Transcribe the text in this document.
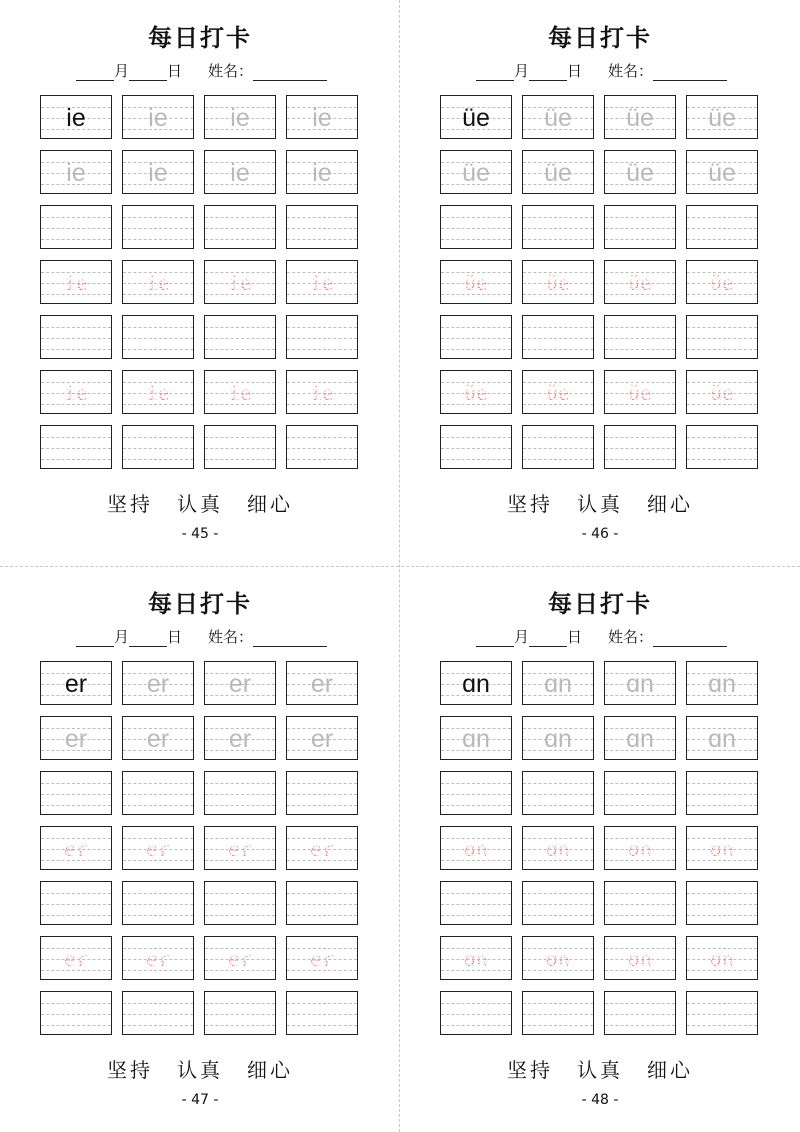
每日打卡
月	日 姓名：
ie	ie	ie	ie
ie	ie	ie	ie
ie	ie	ie	ie
ie	ie	ie	ie
坚持 认真 细心
- 45 -
每日打卡
月	日 姓名：
üe	üe	üe	üe
üe	üe	üe	üe
üe	üe	üe	üe
üe	üe	üe	üe
坚持 认真 细心
- 46 -
每日打卡
月	日 姓名：
er	er	er	er
er	er	er	er
er	er	er	er
er	er	er	er
坚持 认真 细心
- 47 -
每日打卡
月	日 姓名：
ɑn	ɑn	ɑn	ɑn
ɑn	ɑn	ɑn	ɑn
ɑn	ɑn	ɑn	ɑn
ɑn	ɑn	ɑn	ɑn
坚持 认真 细心
- 48 -
